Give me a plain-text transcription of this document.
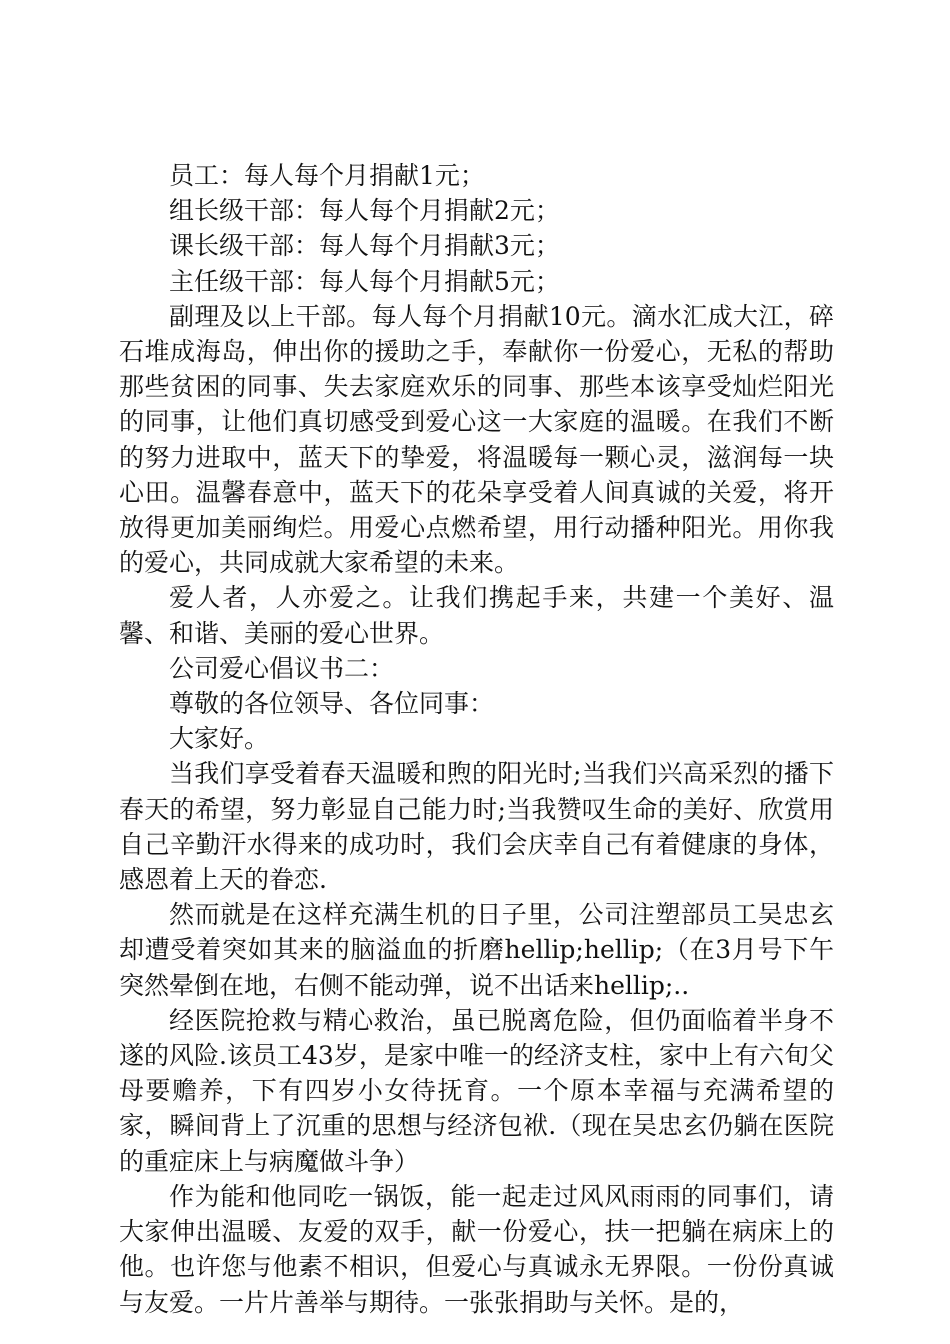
员工：每人每个月捐献1元；

组长级干部：每人每个月捐献2元；

课长级干部：每人每个月捐献3元；

主任级干部：每人每个月捐献5元；

副理及以上干部。每人每个月捐献10元。滴水汇成大江，碎石堆成海岛，伸出你的援助之手，奉献你一份爱心，无私的帮助那些贫困的同事、失去家庭欢乐的同事、那些本该享受灿烂阳光的同事，让他们真切感受到爱心这一大家庭的温暖。在我们不断的努力进取中，蓝天下的挚爱，将温暖每一颗心灵，滋润每一块心田。温馨春意中，蓝天下的花朵享受着人间真诚的关爱，将开放得更加美丽绚烂。用爱心点燃希望，用行动播种阳光。用你我的爱心，共同成就大家希望的未来。

爱人者，人亦爱之。让我们携起手来，共建一个美好、温馨、和谐、美丽的爱心世界。

公司爱心倡议书二：

尊敬的各位领导、各位同事：

大家好。

当我们享受着春天温暖和煦的阳光时;当我们兴高采烈的播下春天的希望，努力彰显自己能力时;当我赞叹生命的美好、欣赏用自己辛勤汗水得来的成功时，我们会庆幸自己有着健康的身体，感恩着上天的眷恋.

然而就是在这样充满生机的日子里，公司注塑部员工吴忠玄却遭受着突如其来的脑溢血的折磨hellip;hellip;（在3月号下午突然晕倒在地，右侧不能动弹，说不出话来hellip;..

经医院抢救与精心救治，虽已脱离危险，但仍面临着半身不遂的风险.该员工43岁，是家中唯一的经济支柱，家中上有六旬父母要赡养，下有四岁小女待抚育。一个原本幸福与充满希望的家，瞬间背上了沉重的思想与经济包袱.（现在吴忠玄仍躺在医院的重症床上与病魔做斗争）

作为能和他同吃一锅饭，能一起走过风风雨雨的同事们，请大家伸出温暖、友爱的双手，献一份爱心，扶一把躺在病床上的他。也许您与他素不相识，但爱心与真诚永无界限。一份份真诚与友爱。一片片善举与期待。一张张捐助与关怀。是的，
